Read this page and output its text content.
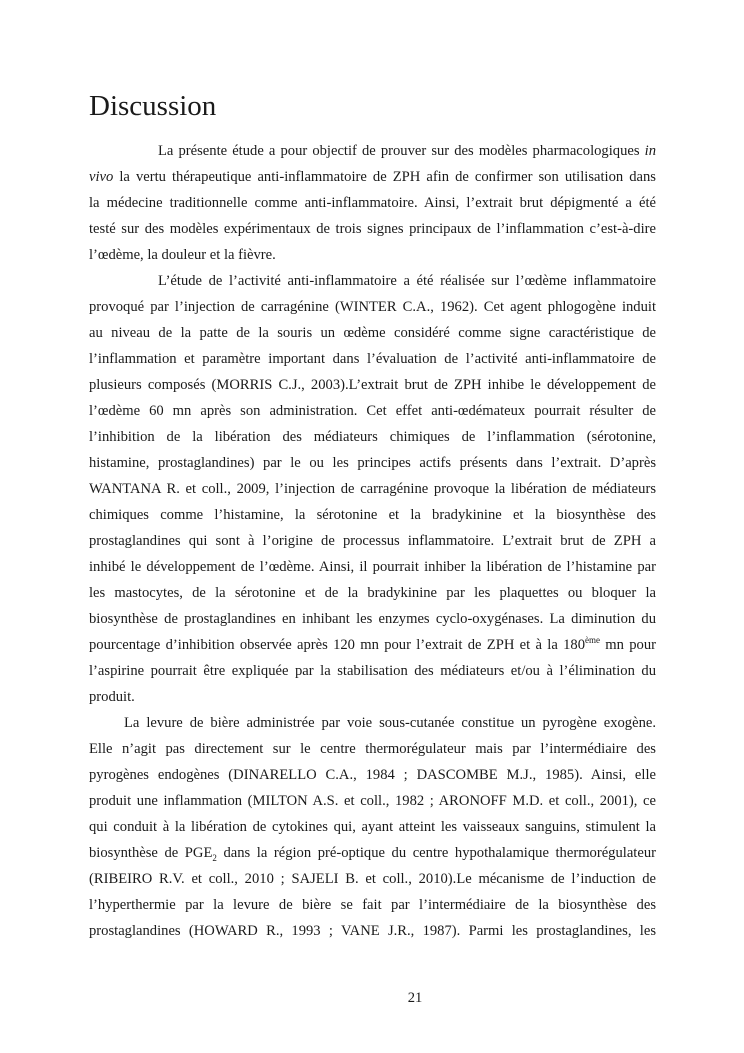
Discussion
La présente étude a pour objectif de prouver sur des modèles pharmacologiques in
vivo la vertu thérapeutique anti-inflammatoire de ZPH afin de confirmer son utilisation dans
la médecine traditionnelle comme anti-inflammatoire. Ainsi, l’extrait brut dépigmenté a été
testé sur des modèles expérimentaux de trois signes principaux de l’inflammation c’est-à-dire
l’œdème, la douleur et la fièvre.
L’étude de l’activité anti-inflammatoire a été réalisée sur l’œdème inflammatoire
provoqué par l’injection de carragénine (WINTER C.A., 1962). Cet agent phlogogène induit
au niveau de la patte de la souris un œdème considéré comme signe caractéristique de
l’inflammation et paramètre important dans l’évaluation de l’activité anti-inflammatoire de
plusieurs composés (MORRIS C.J., 2003).L’extrait brut de ZPH inhibe le développement de
l’œdème 60 mn après son administration. Cet effet anti-œdémateux pourrait résulter de
l’inhibition de la libération des médiateurs chimiques de l’inflammation (sérotonine,
histamine, prostaglandines) par le ou les principes actifs présents dans l’extrait. D’après
WANTANA R. et coll., 2009, l’injection de carragénine provoque la libération de médiateurs
chimiques comme l’histamine, la sérotonine et la bradykinine et la biosynthèse des
prostaglandines qui sont à l’origine de processus inflammatoire. L’extrait brut de ZPH a
inhibé le développement de l’œdème. Ainsi, il pourrait inhiber la libération de l’histamine par
les mastocytes, de la sérotonine et de la bradykinine par les plaquettes ou bloquer la
biosynthèse de prostaglandines en inhibant les enzymes cyclo-oxygénases. La diminution du
pourcentage d’inhibition observée après 120 mn pour l’extrait de ZPH et à la 180ème mn pour
l’aspirine pourrait être expliquée par la stabilisation des médiateurs et/ou à l’élimination du
produit.
La levure de bière administrée par voie sous-cutanée constitue un pyrogène exogène.
Elle n’agit pas directement sur le centre thermorégulateur mais par l’intermédiaire des
pyrogènes endogènes (DINARELLO C.A., 1984 ; DASCOMBE M.J., 1985). Ainsi, elle
produit une inflammation (MILTON A.S. et coll., 1982 ; ARONOFF M.D. et coll., 2001), ce
qui conduit à la libération de cytokines qui, ayant atteint les vaisseaux sanguins, stimulent la
biosynthèse de $PGE_2$ dans la région pré-optique du centre hypothalamique thermorégulateur
(RIBEIRO R.V. et coll., 2010 ; SAJELI B. et coll., 2010).Le mécanisme de l’induction de
l’hyperthermie par la levure de bière se fait par l’intermédiaire de la biosynthèse des
prostaglandines (HOWARD R., 1993 ; VANE J.R., 1987). Parmi les prostaglandines, les
21
